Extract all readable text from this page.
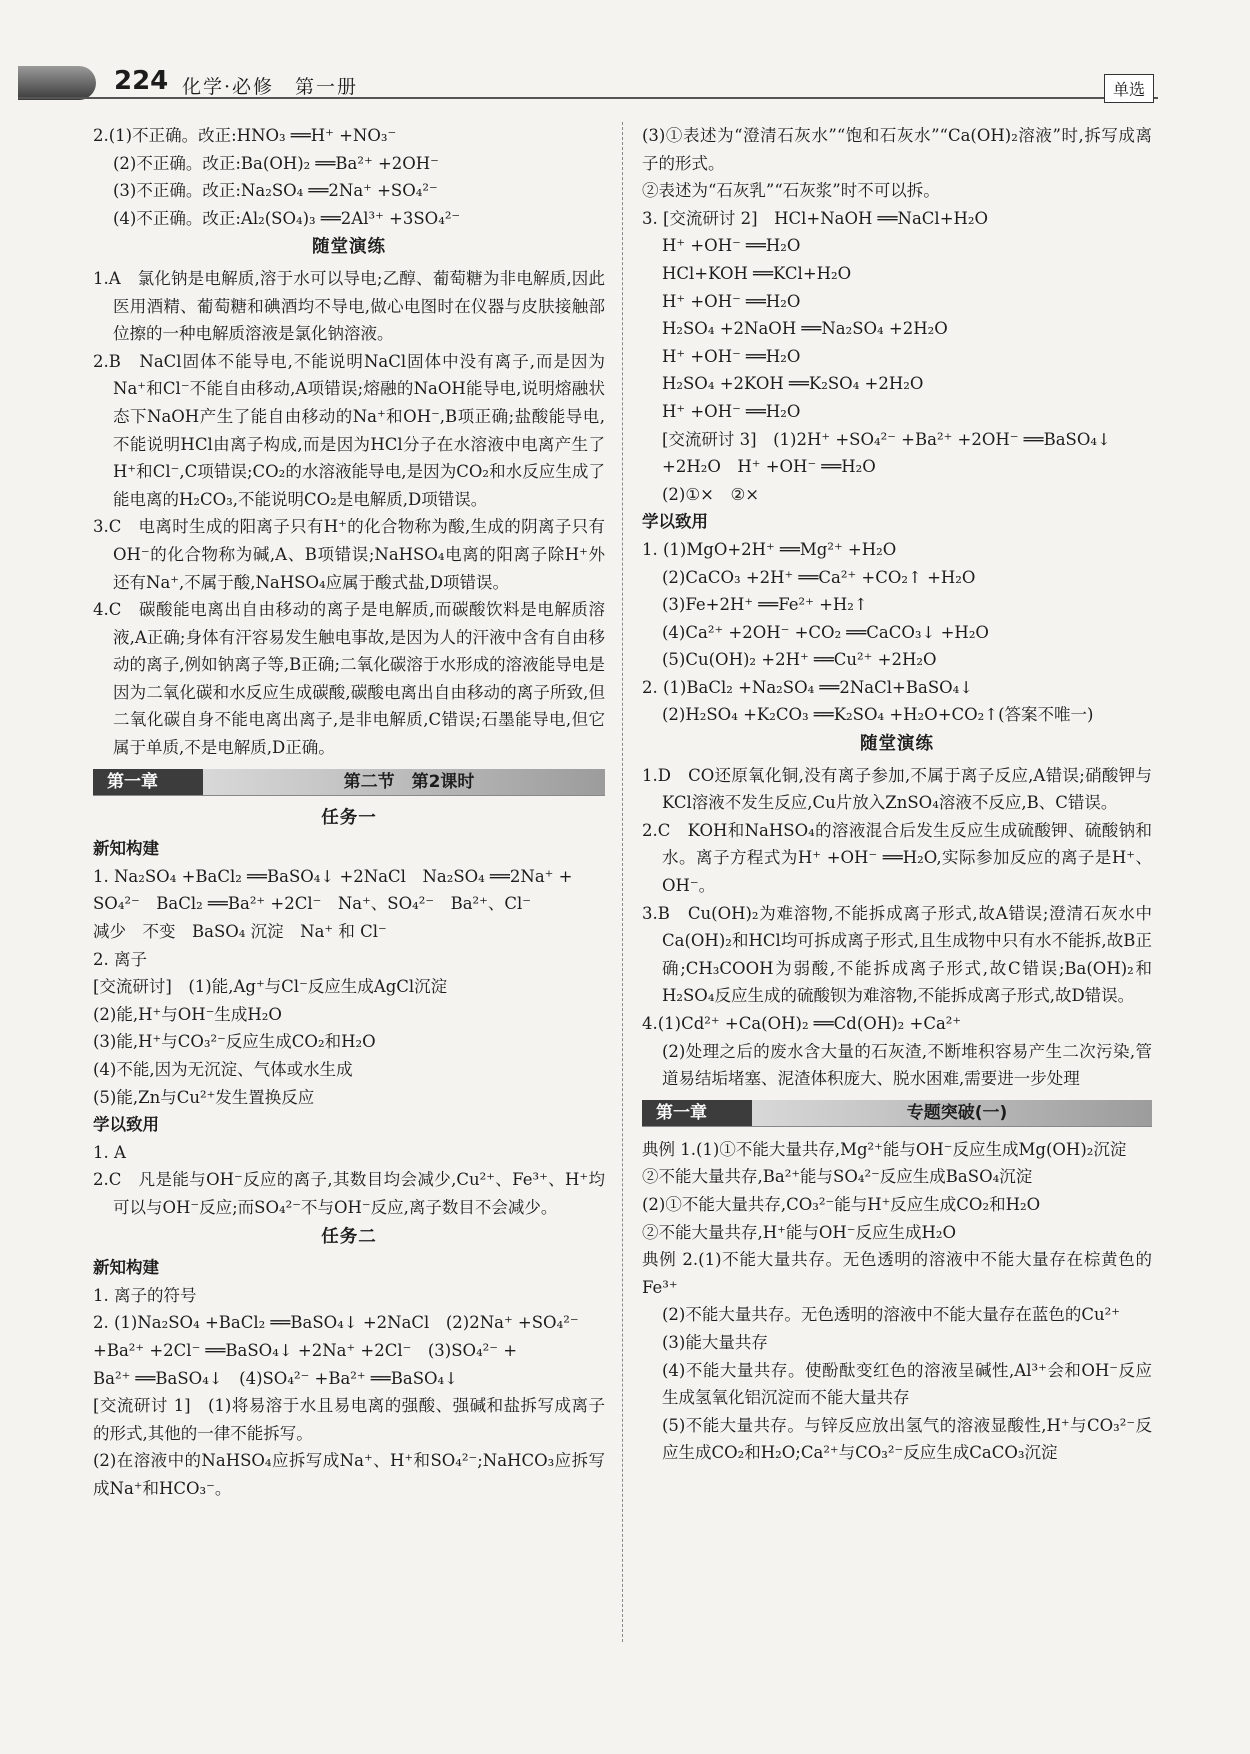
224 化学·必修　第一册	单选
2.(1)不正确。改正:HNO₃ ══H⁺ +NO₃⁻
(2)不正确。改正:Ba(OH)₂ ══Ba²⁺ +2OH⁻
(3)不正确。改正:Na₂SO₄ ══2Na⁺ +SO₄²⁻
(4)不正确。改正:Al₂(SO₄)₃ ══2Al³⁺ +3SO₄²⁻
随堂演练
1.A　氯化钠是电解质,溶于水可以导电;乙醇、葡萄糖为非电解质,因此医用酒精、葡萄糖和碘酒均不导电,做心电图时在仪器与皮肤接触部位擦的一种电解质溶液是氯化钠溶液。
2.B　NaCl固体不能导电,不能说明NaCl固体中没有离子,而是因为Na⁺和Cl⁻不能自由移动,A项错误;熔融的NaOH能导电,说明熔融状态下NaOH产生了能自由移动的Na⁺和OH⁻,B项正确;盐酸能导电,不能说明HCl由离子构成,而是因为HCl分子在水溶液中电离产生了H⁺和Cl⁻,C项错误;CO₂的水溶液能导电,是因为CO₂和水反应生成了能电离的H₂CO₃,不能说明CO₂是电解质,D项错误。
3.C　电离时生成的阳离子只有H⁺的化合物称为酸,生成的阴离子只有OH⁻的化合物称为碱,A、B项错误;NaHSO₄电离的阳离子除H⁺外还有Na⁺,不属于酸,NaHSO₄应属于酸式盐,D项错误。
4.C　碳酸能电离出自由移动的离子是电解质,而碳酸饮料是电解质溶液,A正确;身体有汗容易发生触电事故,是因为人的汗液中含有自由移动的离子,例如钠离子等,B正确;二氧化碳溶于水形成的溶液能导电是因为二氧化碳和水反应生成碳酸,碳酸电离出自由移动的离子所致,但二氧化碳自身不能电离出离子,是非电解质,C错误;石墨能导电,但它属于单质,不是电解质,D正确。
第一章	第二节　第2课时
任务一
新知构建
1. Na₂SO₄ +BaCl₂ ══BaSO₄↓ +2NaCl　Na₂SO₄ ══2Na⁺ +
SO₄²⁻　BaCl₂ ══Ba²⁺ +2Cl⁻　Na⁺、SO₄²⁻　Ba²⁺、Cl⁻
减少　不变　BaSO₄ 沉淀　Na⁺ 和 Cl⁻
2. 离子
[交流研讨]　(1)能,Ag⁺与Cl⁻反应生成AgCl沉淀
(2)能,H⁺与OH⁻生成H₂O
(3)能,H⁺与CO₃²⁻反应生成CO₂和H₂O
(4)不能,因为无沉淀、气体或水生成
(5)能,Zn与Cu²⁺发生置换反应
学以致用
1. A
2.C　凡是能与OH⁻反应的离子,其数目均会减少,Cu²⁺、Fe³⁺、H⁺均可以与OH⁻反应;而SO₄²⁻不与OH⁻反应,离子数目不会减少。
任务二
新知构建
1. 离子的符号
2. (1)Na₂SO₄ +BaCl₂ ══BaSO₄↓ +2NaCl　(2)2Na⁺ +SO₄²⁻
+Ba²⁺ +2Cl⁻ ══BaSO₄↓ +2Na⁺ +2Cl⁻　(3)SO₄²⁻ +
Ba²⁺ ══BaSO₄↓　(4)SO₄²⁻ +Ba²⁺ ══BaSO₄↓
[交流研讨 1]　(1)将易溶于水且易电离的强酸、强碱和盐拆写成离子的形式,其他的一律不能拆写。
(2)在溶液中的NaHSO₄应拆写成Na⁺、H⁺和SO₄²⁻;NaHCO₃应拆写成Na⁺和HCO₃⁻。
(3)①表述为“澄清石灰水”“饱和石灰水”“Ca(OH)₂溶液”时,拆写成离子的形式。
②表述为“石灰乳”“石灰浆”时不可以拆。
3. [交流研讨 2]　HCl+NaOH ══NaCl+H₂O
H⁺ +OH⁻ ══H₂O
HCl+KOH ══KCl+H₂O
H⁺ +OH⁻ ══H₂O
H₂SO₄ +2NaOH ══Na₂SO₄ +2H₂O
H⁺ +OH⁻ ══H₂O
H₂SO₄ +2KOH ══K₂SO₄ +2H₂O
H⁺ +OH⁻ ══H₂O
[交流研讨 3]　(1)2H⁺ +SO₄²⁻ +Ba²⁺ +2OH⁻ ══BaSO₄↓
+2H₂O　H⁺ +OH⁻ ══H₂O
(2)①×　②×
学以致用
1. (1)MgO+2H⁺ ══Mg²⁺ +H₂O
(2)CaCO₃ +2H⁺ ══Ca²⁺ +CO₂↑ +H₂O
(3)Fe+2H⁺ ══Fe²⁺ +H₂↑
(4)Ca²⁺ +2OH⁻ +CO₂ ══CaCO₃↓ +H₂O
(5)Cu(OH)₂ +2H⁺ ══Cu²⁺ +2H₂O
2. (1)BaCl₂ +Na₂SO₄ ══2NaCl+BaSO₄↓
(2)H₂SO₄ +K₂CO₃ ══K₂SO₄ +H₂O+CO₂↑(答案不唯一)
随堂演练
1.D　CO还原氧化铜,没有离子参加,不属于离子反应,A错误;硝酸钾与KCl溶液不发生反应,Cu片放入ZnSO₄溶液不反应,B、C错误。
2.C　KOH和NaHSO₄的溶液混合后发生反应生成硫酸钾、硫酸钠和水。离子方程式为H⁺ +OH⁻ ══H₂O,实际参加反应的离子是H⁺、OH⁻。
3.B　Cu(OH)₂为难溶物,不能拆成离子形式,故A错误;澄清石灰水中Ca(OH)₂和HCl均可拆成离子形式,且生成物中只有水不能拆,故B正确;CH₃COOH为弱酸,不能拆成离子形式,故C错误;Ba(OH)₂和H₂SO₄反应生成的硫酸钡为难溶物,不能拆成离子形式,故D错误。
4.(1)Cd²⁺ +Ca(OH)₂ ══Cd(OH)₂ +Ca²⁺
(2)处理之后的废水含大量的石灰渣,不断堆积容易产生二次污染,管道易结垢堵塞、泥渣体积庞大、脱水困难,需要进一步处理
第一章	专题突破(一)
典例 1.(1)①不能大量共存,Mg²⁺能与OH⁻反应生成Mg(OH)₂沉淀
②不能大量共存,Ba²⁺能与SO₄²⁻反应生成BaSO₄沉淀
(2)①不能大量共存,CO₃²⁻能与H⁺反应生成CO₂和H₂O
②不能大量共存,H⁺能与OH⁻反应生成H₂O
典例 2.(1)不能大量共存。无色透明的溶液中不能大量存在棕黄色的Fe³⁺
(2)不能大量共存。无色透明的溶液中不能大量存在蓝色的Cu²⁺
(3)能大量共存
(4)不能大量共存。使酚酞变红色的溶液呈碱性,Al³⁺会和OH⁻反应生成氢氧化铝沉淀而不能大量共存
(5)不能大量共存。与锌反应放出氢气的溶液显酸性,H⁺与CO₃²⁻反应生成CO₂和H₂O;Ca²⁺与CO₃²⁻反应生成CaCO₃沉淀
